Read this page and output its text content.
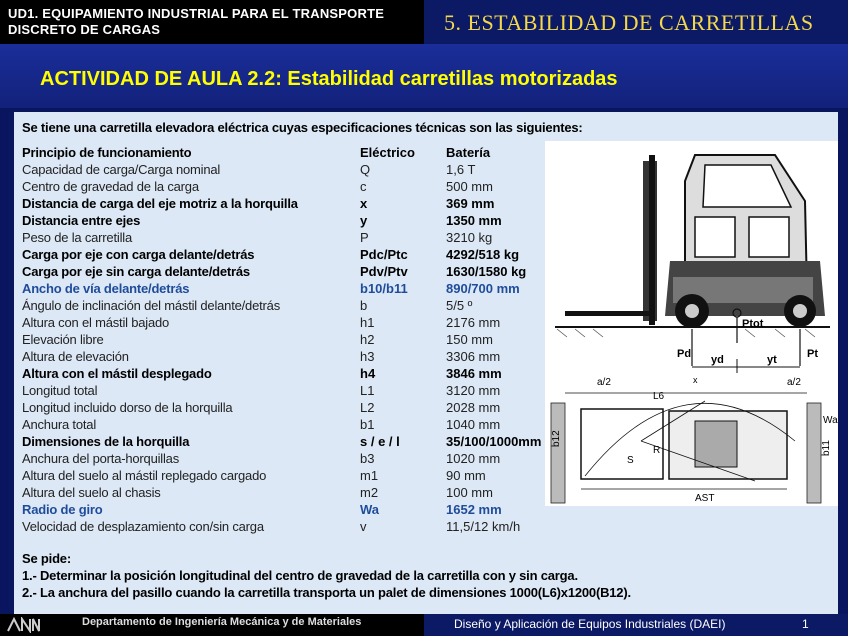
UD1. EQUIPAMIENTO INDUSTRIAL PARA EL TRANSPORTE
DISCRETO DE CARGAS	5. ESTABILIDAD DE CARRETILLAS
ACTIVIDAD DE AULA 2.2: Estabilidad carretillas motorizadas
Se tiene una carretilla elevadora eléctrica cuyas especificaciones técnicas son las siguientes:
Principio de funcionamiento	Eléctrico Batería
Capacidad de carga/Carga nominal	Q	1,6 T
Centro de gravedad de la carga	c	500 mm
Distancia de carga del eje motriz a la horquilla	x	369 mm
Distancia entre ejes	y	1350 mm
Peso de la carretilla	P	3210 kg
Carga por eje con carga delante/detrás	Pdc/Ptc	4292/518 kg
Carga por eje sin carga delante/detrás	Pdv/Ptv	1630/1580 kg
Ancho de vía delante/detrás	b10/b11	890/700 mm
Ángulo de inclinación del mástil delante/detrás	b	5/5 º
Altura con el mástil bajado	h1	2176 mm
Elevación libre	h2	150 mm
Altura de elevación	h3	3306 mm
Altura con el mástil desplegado	h4	3846 mm
Longitud total	L1	3120 mm
Longitud incluido dorso de la horquilla	L2	2028 mm
Anchura total	b1	1040 mm
Dimensiones de la horquilla	s / e / l	35/100/1000mm
Anchura del porta-horquillas	b3	1020 mm
Altura del suelo al mástil replegado cargado	m1	90 mm
Altura del suelo al chasis	m2	100 mm
Radio de giro	Wa	1652 mm
Velocidad de desplazamiento con/sin carga	v	11,5/12 km/h
Ptot
Pd	Pt
yd	yt
a/2	a/2
x
L6
b12
b11
Wa
R
S
AST
Se pide:
1.- Determinar la posición longitudinal del centro de gravedad de la carretilla con y sin carga.
2.- La anchura del pasillo cuando la carretilla transporta un palet de dimensiones 1000(L6)x1200(B12).
Departamento de Ingeniería Mecánica y de Materiales	Diseño y Aplicación de Equipos Industriales (DAEI)	1
